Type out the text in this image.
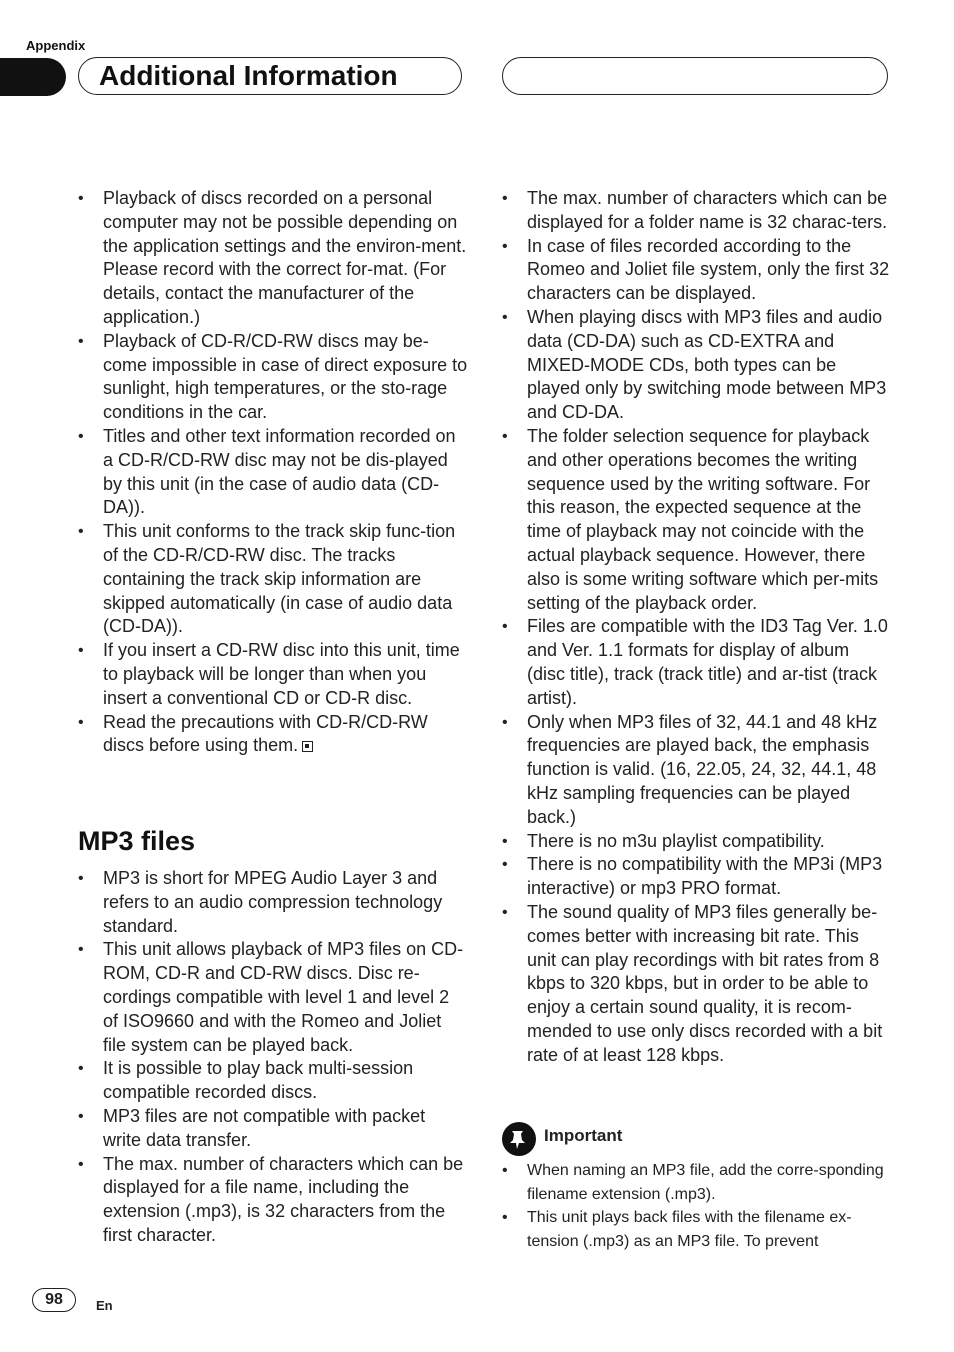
Appendix
Additional Information
• Playback of discs recorded on a personal computer may not be possible depending on the application settings and the environ-ment. Please record with the correct for-mat. (For details, contact the manufacturer of the application.)
• Playback of CD-R/CD-RW discs may be-come impossible in case of direct exposure to sunlight, high temperatures, or the sto-rage conditions in the car.
• Titles and other text information recorded on a CD-R/CD-RW disc may not be dis-played by this unit (in the case of audio data (CD-DA)).
• This unit conforms to the track skip func-tion of the CD-R/CD-RW disc. The tracks containing the track skip information are skipped automatically (in case of audio data (CD-DA)).
• If you insert a CD-RW disc into this unit, time to playback will be longer than when you insert a conventional CD or CD-R disc.
• Read the precautions with CD-R/CD-RW discs before using them.
MP3 files
• MP3 is short for MPEG Audio Layer 3 and refers to an audio compression technology standard.
• This unit allows playback of MP3 files on CD-ROM, CD-R and CD-RW discs. Disc re-cordings compatible with level 1 and level 2 of ISO9660 and with the Romeo and Joliet file system can be played back.
• It is possible to play back multi-session compatible recorded discs.
• MP3 files are not compatible with packet write data transfer.
• The max. number of characters which can be displayed for a file name, including the extension (.mp3), is 32 characters from the first character.
• The max. number of characters which can be displayed for a folder name is 32 charac-ters.
• In case of files recorded according to the Romeo and Joliet file system, only the first 32 characters can be displayed.
• When playing discs with MP3 files and audio data (CD-DA) such as CD-EXTRA and MIXED-MODE CDs, both types can be played only by switching mode between MP3 and CD-DA.
• The folder selection sequence for playback and other operations becomes the writing sequence used by the writing software. For this reason, the expected sequence at the time of playback may not coincide with the actual playback sequence. However, there also is some writing software which per-mits setting of the playback order.
• Files are compatible with the ID3 Tag Ver. 1.0 and Ver. 1.1 formats for display of album (disc title), track (track title) and ar-tist (track artist).
• Only when MP3 files of 32, 44.1 and 48 kHz frequencies are played back, the emphasis function is valid. (16, 22.05, 24, 32, 44.1, 48 kHz sampling frequencies can be played back.)
• There is no m3u playlist compatibility.
• There is no compatibility with the MP3i (MP3 interactive) or mp3 PRO format.
• The sound quality of MP3 files generally be-comes better with increasing bit rate. This unit can play recordings with bit rates from 8 kbps to 320 kbps, but in order to be able to enjoy a certain sound quality, it is recom-mended to use only discs recorded with a bit rate of at least 128 kbps.
Important
• When naming an MP3 file, add the corre-sponding filename extension (.mp3).
• This unit plays back files with the filename ex-tension (.mp3) as an MP3 file. To prevent
98	En
